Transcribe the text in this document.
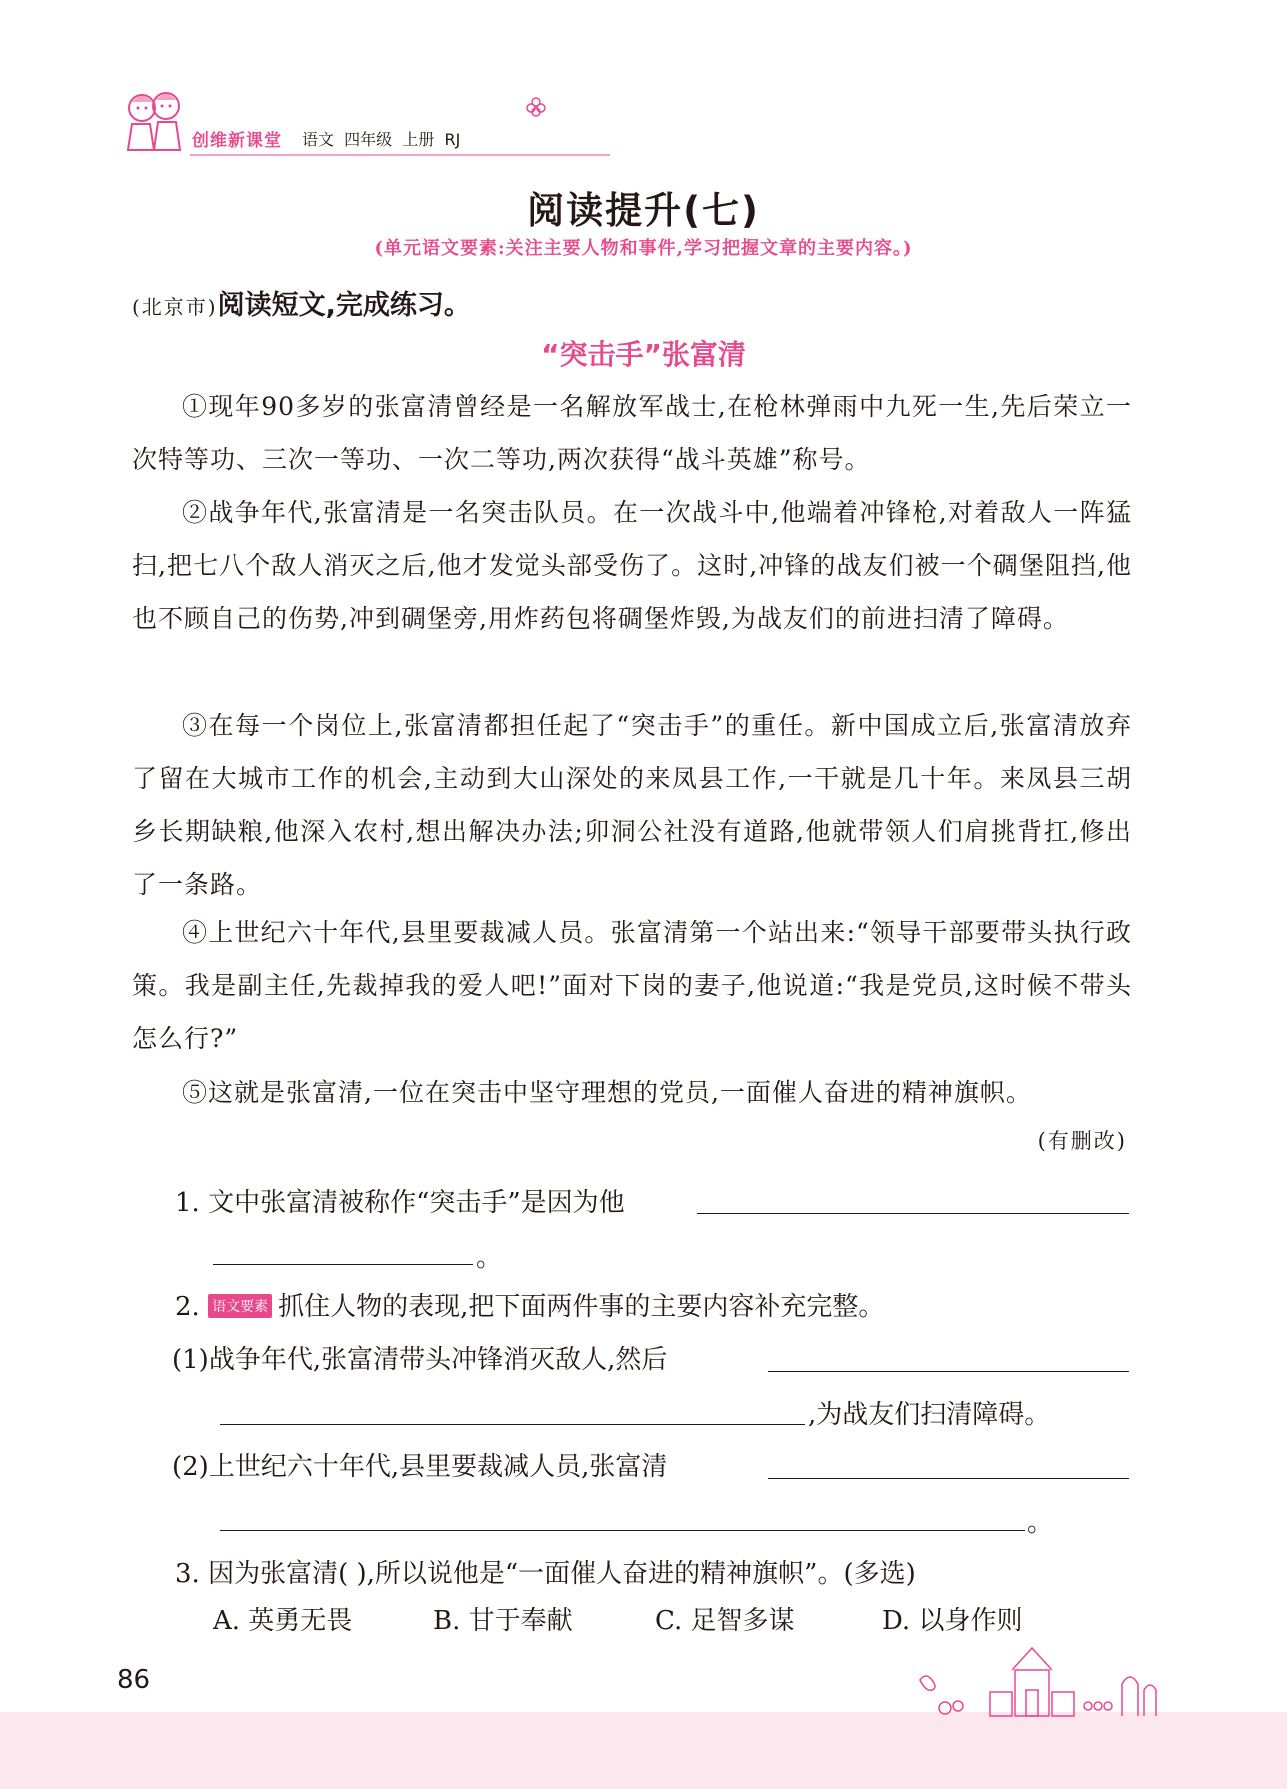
创维新课堂 语文  四年级  上册  RJ
阅读提升(七)
(单元语文要素:关注主要人物和事件,学习把握文章的主要内容。)
(北京市)阅读短文,完成练习。
“突击手”张富清

①现年90多岁的张富清曾经是一名解放军战士,在枪林弹雨中九死一生,先后荣立一次特等功、三次一等功、一次二等功,两次获得“战斗英雄”称号。

②战争年代,张富清是一名突击队员。在一次战斗中,他端着冲锋枪,对着敌人一阵猛扫,把七八个敌人消灭之后,他才发觉头部受伤了。这时,冲锋的战友们被一个碉堡阻挡,他也不顾自己的伤势,冲到碉堡旁,用炸药包将碉堡炸毁,为战友们的前进扫清了障碍。

③在每一个岗位上,张富清都担任起了“突击手”的重任。新中国成立后,张富清放弃了留在大城市工作的机会,主动到大山深处的来凤县工作,一干就是几十年。来凤县三胡乡长期缺粮,他深入农村,想出解决办法;卯洞公社没有道路,他就带领人们肩挑背扛,修出了一条路。

④上世纪六十年代,县里要裁减人员。张富清第一个站出来:“领导干部要带头执行政策。我是副主任,先裁掉我的爱人吧!”面对下岗的妻子,他说道:“我是党员,这时候不带头怎么行?”

⑤这就是张富清,一位在突击中坚守理想的党员,一面催人奋进的精神旗帜。

(有删改)
1. 文中张富清被称作“突击手”是因为他
。
2. 语文要素 抓住人物的表现,把下面两件事的主要内容补充完整。
(1)战争年代,张富清带头冲锋消灭敌人,然后
,为战友们扫清障碍。
(2)上世纪六十年代,县里要裁减人员,张富清
。
3. 因为张富清( ),所以说他是“一面催人奋进的精神旗帜”。(多选)
A. 英勇无畏	B. 甘于奉献	C. 足智多谋	D. 以身作则
86
